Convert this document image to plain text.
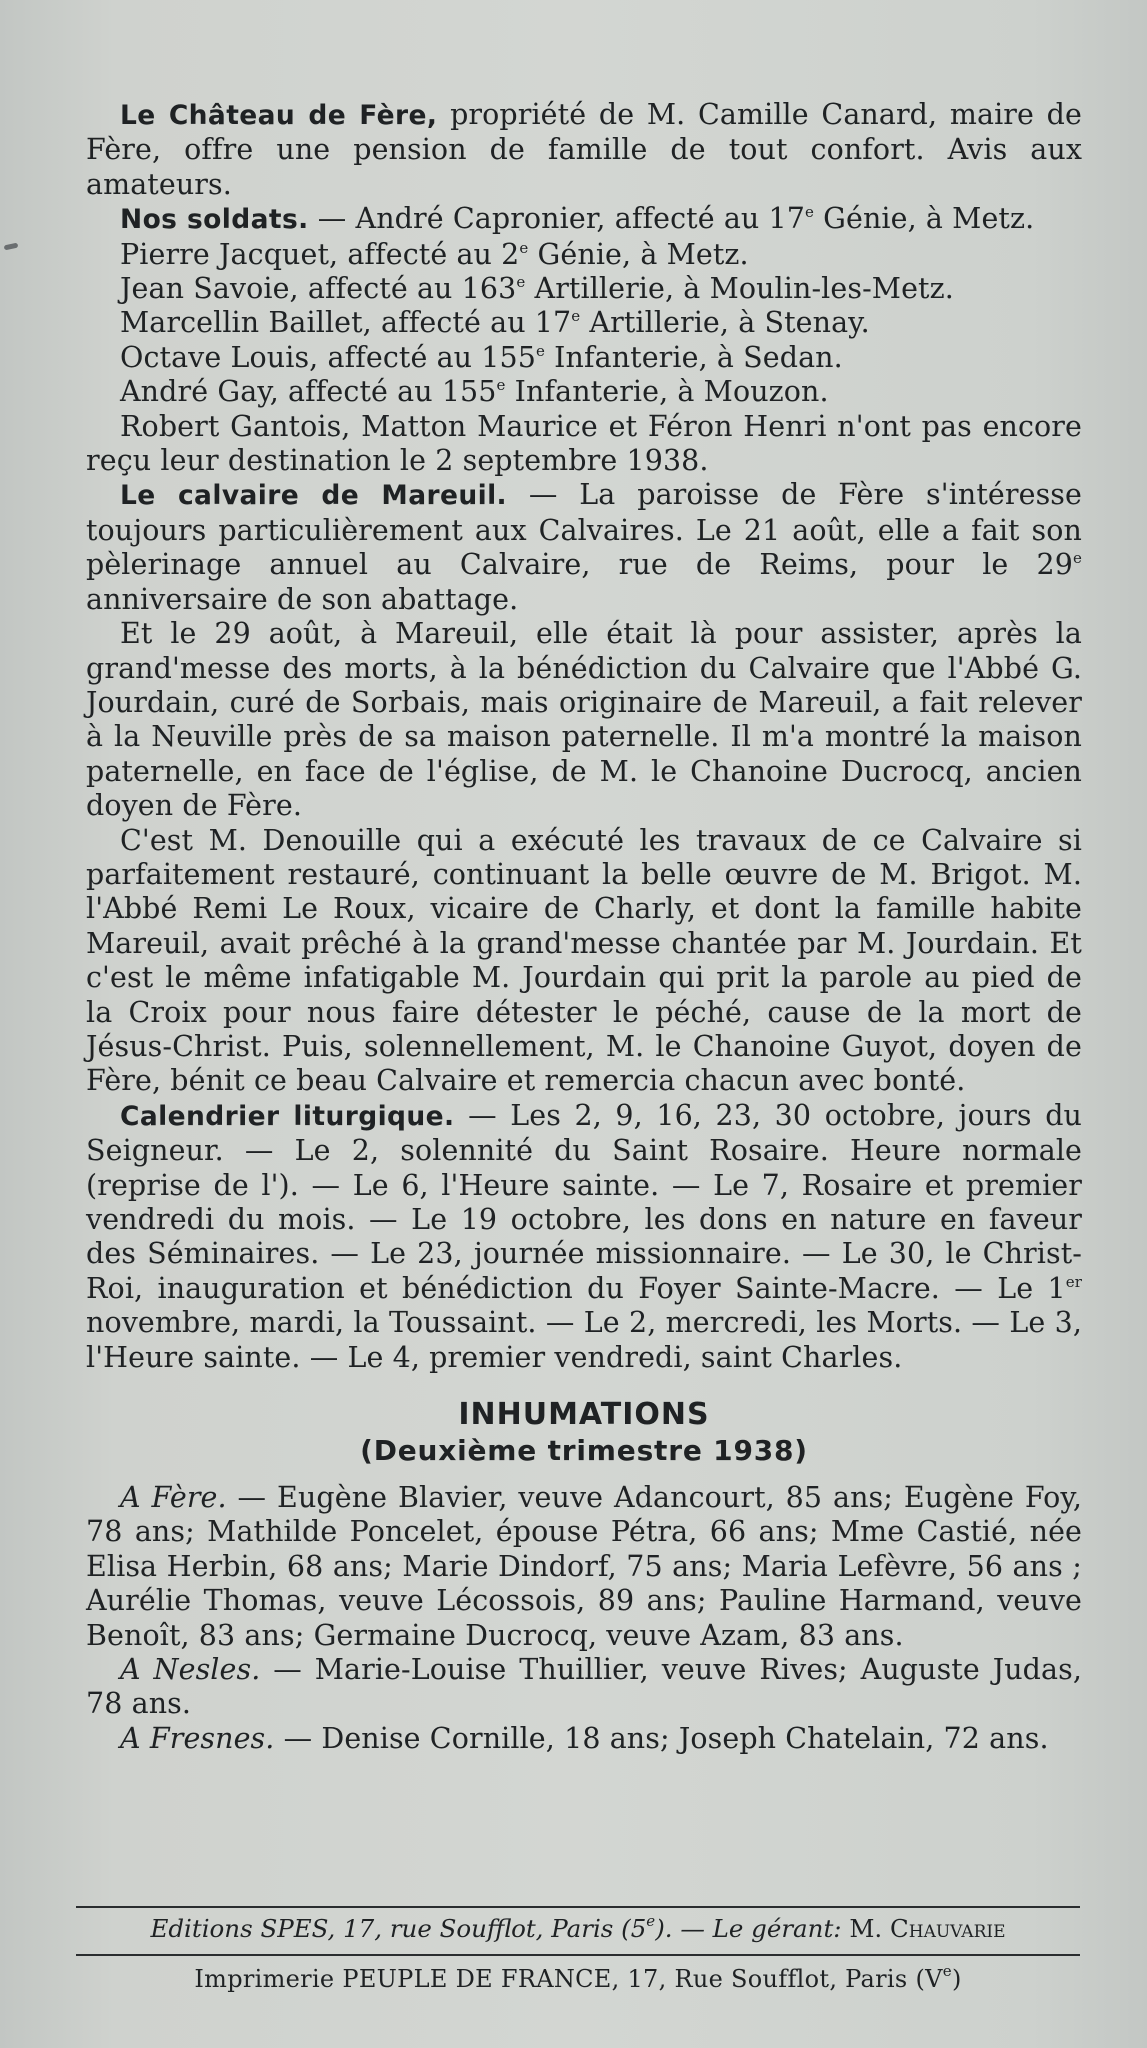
Le Château de Fère, propriété de M. Camille Canard, maire de Fère, offre une pension de famille de tout confort. Avis aux amateurs.

Nos soldats. — André Capronier, affecté au 17e Génie, à Metz.

Pierre Jacquet, affecté au 2e Génie, à Metz.

Jean Savoie, affecté au 163e Artillerie, à Moulin-les-Metz.

Marcellin Baillet, affecté au 17e Artillerie, à Stenay.

Octave Louis, affecté au 155e Infanterie, à Sedan.

André Gay, affecté au 155e Infanterie, à Mouzon.

Robert Gantois, Matton Maurice et Féron Henri n'ont pas encore reçu leur destination le 2 septembre 1938.

Le calvaire de Mareuil. — La paroisse de Fère s'intéresse toujours particulièrement aux Calvaires. Le 21 août, elle a fait son pèlerinage annuel au Calvaire, rue de Reims, pour le 29e anniversaire de son abattage.

Et le 29 août, à Mareuil, elle était là pour assister, après la grand'messe des morts, à la bénédiction du Calvaire que l'Abbé G. Jourdain, curé de Sorbais, mais originaire de Mareuil, a fait relever à la Neuville près de sa maison paternelle. Il m'a montré la maison paternelle, en face de l'église, de M. le Chanoine Ducrocq, ancien doyen de Fère.

C'est M. Denouille qui a exécuté les travaux de ce Calvaire si parfaitement restauré, continuant la belle œuvre de M. Brigot. M. l'Abbé Remi Le Roux, vicaire de Charly, et dont la famille habite Mareuil, avait prêché à la grand'messe chantée par M. Jourdain. Et c'est le même infatigable M. Jourdain qui prit la parole au pied de la Croix pour nous faire détester le péché, cause de la mort de Jésus-Christ. Puis, solennellement, M. le Chanoine Guyot, doyen de Fère, bénit ce beau Calvaire et remercia chacun avec bonté.

Calendrier liturgique. — Les 2, 9, 16, 23, 30 octobre, jours du Seigneur. — Le 2, solennité du Saint Rosaire. Heure normale (reprise de l'). — Le 6, l'Heure sainte. — Le 7, Rosaire et premier vendredi du mois. — Le 19 octobre, les dons en nature en faveur des Séminaires. — Le 23, journée missionnaire. — Le 30, le Christ-Roi, inauguration et bénédiction du Foyer Sainte-Macre. — Le 1er novembre, mardi, la Toussaint. — Le 2, mercredi, les Morts. — Le 3, l'Heure sainte. — Le 4, premier vendredi, saint Charles.

INHUMATIONS
(Deuxième trimestre 1938)

A Fère. — Eugène Blavier, veuve Adancourt, 85 ans; Eugène Foy, 78 ans; Mathilde Poncelet, épouse Pétra, 66 ans; Mme Castié, née Elisa Herbin, 68 ans; Marie Dindorf, 75 ans; Maria Lefèvre, 56 ans ; Aurélie Thomas, veuve Lécossois, 89 ans; Pauline Harmand, veuve Benoît, 83 ans; Germaine Ducrocq, veuve Azam, 83 ans.

A Nesles. — Marie-Louise Thuillier, veuve Rives; Auguste Judas, 78 ans.

A Fresnes. — Denise Cornille, 18 ans; Joseph Chatelain, 72 ans.

Editions SPES, 17, rue Soufflot, Paris (5e). — Le gérant: M. Chauvarie
Imprimerie PEUPLE DE FRANCE, 17, Rue Soufflot, Paris (Ve)
